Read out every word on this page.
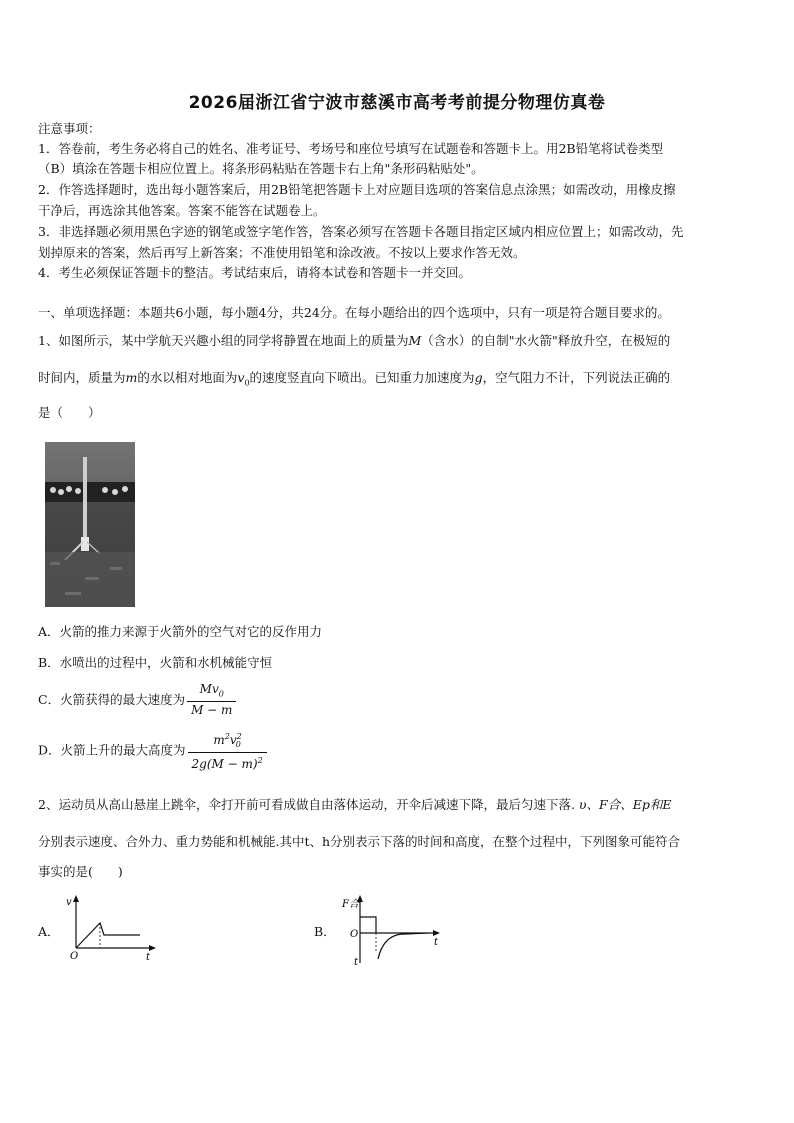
2026届浙江省宁波市慈溪市高考考前提分物理仿真卷
注意事项：
1．答卷前，考生务必将自己的姓名、准考证号、考场号和座位号填写在试题卷和答题卡上。用2B铅笔将试卷类型
（B）填涂在答题卡相应位置上。将条形码粘贴在答题卡右上角"条形码粘贴处"。
2．作答选择题时，选出每小题答案后，用2B铅笔把答题卡上对应题目选项的答案信息点涂黑；如需改动，用橡皮擦
干净后，再选涂其他答案。答案不能答在试题卷上。
3．非选择题必须用黑色字迹的钢笔或签字笔作答，答案必须写在答题卡各题目指定区域内相应位置上；如需改动，先
划掉原来的答案，然后再写上新答案；不准使用铅笔和涂改液。不按以上要求作答无效。
4．考生必须保证答题卡的整洁。考试结束后，请将本试卷和答题卡一并交回。
一、单项选择题：本题共6小题，每小题4分，共24分。在每小题给出的四个选项中，只有一项是符合题目要求的。
1、如图所示，某中学航天兴趣小组的同学将静置在地面上的质量为M（含水）的自制"水火箭"释放升空，在极短的
时间内，质量为m的水以相对地面为$v_0$的速度竖直向下喷出。已知重力加速度为g，空气阻力不计，下列说法正确的
是（　　）
A．火箭的推力来源于火箭外的空气对它的反作用力
B．水喷出的过程中，火箭和水机械能守恒
C．火箭获得的最大速度为 $\frac{Mv_0}{M - m}$
D．火箭上升的最大高度为 $\frac{m^2v^2_0}{2g(M - m)^2}$
2、运动员从高山悬崖上跳伞，伞打开前可看成做自由落体运动，开伞后减速下降，最后匀速下落. υ、F合、Ep和E
分别表示速度、合外力、重力势能和机械能.其中t、h分别表示下落的时间和高度，在整个过程中，下列图象可能符合
事实的是(　　)
A．
v
t
O
B．
F合
t
O
t
